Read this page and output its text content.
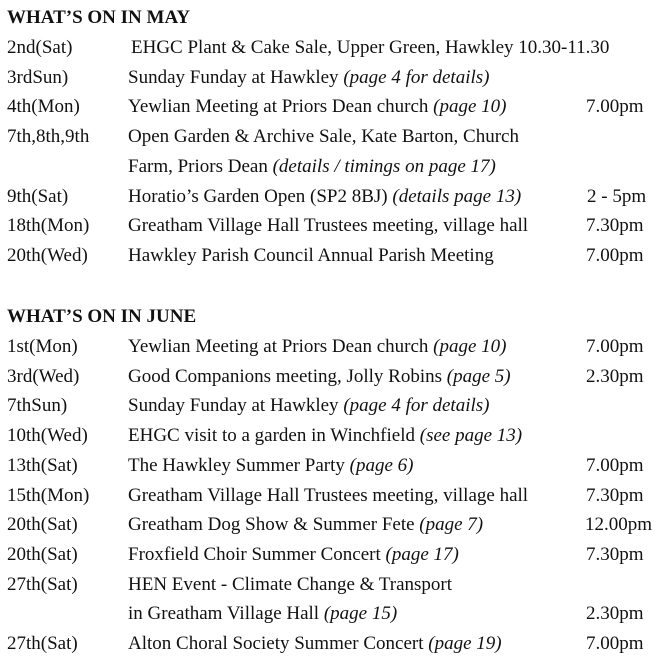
WHAT’S ON IN MAY
WHAT’S ON IN JUNE
2nd(Sat)	EHGC Plant & Cake Sale, Upper Green, Hawkley 10.30-11.30
3rdSun)	Sunday Funday at Hawkley (page 4 for details)
4th(Mon)	Yewlian Meeting at Priors Dean church (page 10)	7.00pm
7th,8th,9th Open Garden & Archive Sale, Kate Barton, Church
Farm, Priors Dean (details / timings on page 17)
9th(Sat)	Horatio’s Garden Open (SP2 8BJ) (details page 13)	2 - 5pm
18th(Mon) Greatham Village Hall Trustees meeting, village hall	7.30pm
20th(Wed) Hawkley Parish Council Annual Parish Meeting	7.00pm
1st(Mon)	Yewlian Meeting at Priors Dean church (page 10)	7.00pm
3rd(Wed)	Good Companions meeting, Jolly Robins (page 5)	2.30pm
7thSun)	Sunday Funday at Hawkley (page 4 for details)
10th(Wed) EHGC visit to a garden in Winchfield (see page 13)
13th(Sat)	The Hawkley Summer Party (page 6)	7.00pm
15th(Mon) Greatham Village Hall Trustees meeting, village hall	7.30pm
20th(Sat)	Greatham Dog Show & Summer Fete (page 7)	12.00pm
20th(Sat)	Froxfield Choir Summer Concert (page 17)	7.30pm
27th(Sat)	HEN Event - Climate Change & Transport
in Greatham Village Hall (page 15)	2.30pm
27th(Sat)	Alton Choral Society Summer Concert (page 19)	7.00pm
